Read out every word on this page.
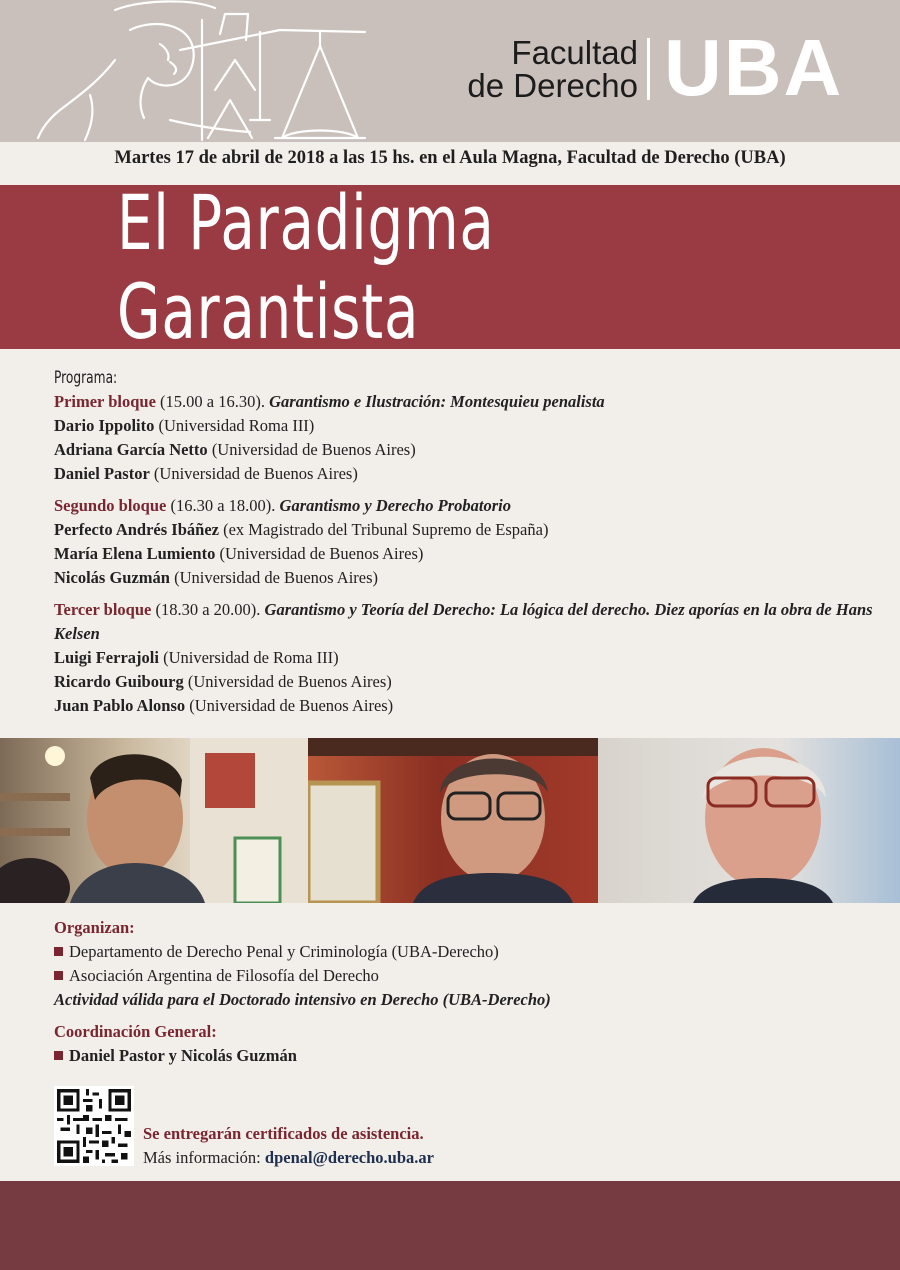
Facultad
de Derecho UBA
Martes 17 de abril de 2018 a las 15 hs. en el Aula Magna, Facultad de Derecho (UBA)
El Paradigma Garantista
Programa:
Primer bloque (15.00 a 16.30). Garantismo e Ilustración: Montesquieu penalista
Dario Ippolito (Universidad Roma III)
Adriana García Netto (Universidad de Buenos Aires)
Daniel Pastor (Universidad de Buenos Aires)
Segundo bloque (16.30 a 18.00). Garantismo y Derecho Probatorio
Perfecto Andrés Ibáñez (ex Magistrado del Tribunal Supremo de España)
María Elena Lumiento (Universidad de Buenos Aires)
Nicolás Guzmán (Universidad de Buenos Aires)
Tercer bloque (18.30 a 20.00). Garantismo y Teoría del Derecho: La lógica del derecho. Diez aporías en la obra de Hans Kelsen
Luigi Ferrajoli (Universidad de Roma III)
Ricardo Guibourg (Universidad de Buenos Aires)
Juan Pablo Alonso (Universidad de Buenos Aires)
Organizan:
Departamento de Derecho Penal y Criminología (UBA-Derecho)
Asociación Argentina de Filosofía del Derecho
Actividad válida para el Doctorado intensivo en Derecho (UBA-Derecho)
Coordinación General:
Daniel Pastor y Nicolás Guzmán
Se entregarán certificados de asistencia.
Más información: dpenal@derecho.uba.ar
